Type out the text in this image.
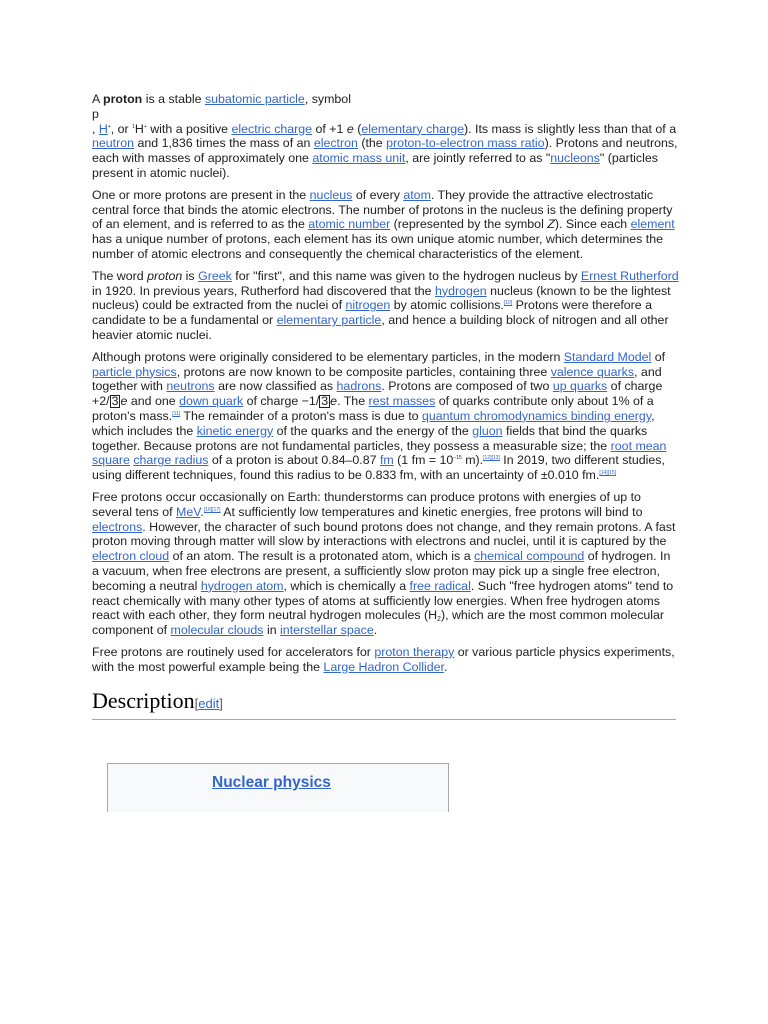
A proton is a stable subatomic particle, symbol
p
, H+, or $^1$H+ with a positive electric charge of +1 e (elementary charge). Its mass is slightly less than that of a neutron and 1,836 times the mass of an electron (the proton-to-electron mass ratio). Protons and neutrons, each with masses of approximately one atomic mass unit, are jointly referred to as "nucleons" (particles present in atomic nuclei).

One or more protons are present in the nucleus of every atom. They provide the attractive electrostatic central force that binds the atomic electrons. The number of protons in the nucleus is the defining property of an element, and is referred to as the atomic number (represented by the symbol Z). Since each element has a unique number of protons, each element has its own unique atomic number, which determines the number of atomic electrons and consequently the chemical characteristics of the element.

The word proton is Greek for "first", and this name was given to the hydrogen nucleus by Ernest Rutherford in 1920. In previous years, Rutherford had discovered that the hydrogen nucleus (known to be the lightest nucleus) could be extracted from the nuclei of nitrogen by atomic collisions.[10] Protons were therefore a candidate to be a fundamental or elementary particle, and hence a building block of nitrogen and all other heavier atomic nuclei.

Although protons were originally considered to be elementary particles, in the modern Standard Model of particle physics, protons are now known to be composite particles, containing three valence quarks, and together with neutrons are now classified as hadrons. Protons are composed of two up quarks of charge +2/ 3 e and one down quark of charge −1/ 3 e. The rest masses of quarks contribute only about 1% of a proton's mass.[11] The remainder of a proton's mass is due to quantum chromodynamics binding energy, which includes the kinetic energy of the quarks and the energy of the gluon fields that bind the quarks together. Because protons are not fundamental particles, they possess a measurable size; the root mean square charge radius of a proton is about 0.84–0.87 fm (1 fm = $10^{-15}$ m).[12][13] In 2019, two different studies, using different techniques, found this radius to be 0.833 fm, with an uncertainty of ±0.010 fm.[14][15]

Free protons occur occasionally on Earth: thunderstorms can produce protons with energies of up to several tens of MeV.[16][17] At sufficiently low temperatures and kinetic energies, free protons will bind to electrons. However, the character of such bound protons does not change, and they remain protons. A fast proton moving through matter will slow by interactions with electrons and nuclei, until it is captured by the electron cloud of an atom. The result is a protonated atom, which is a chemical compound of hydrogen. In a vacuum, when free electrons are present, a sufficiently slow proton may pick up a single free electron, becoming a neutral hydrogen atom, which is chemically a free radical. Such "free hydrogen atoms" tend to react chemically with many other types of atoms at sufficiently low energies. When free hydrogen atoms react with each other, they form neutral hydrogen molecules $(H_2)$, which are the most common molecular component of molecular clouds in interstellar space.

Free protons are routinely used for accelerators for proton therapy or various particle physics experiments, with the most powerful example being the Large Hadron Collider.

Description[edit]
Nuclear physics
